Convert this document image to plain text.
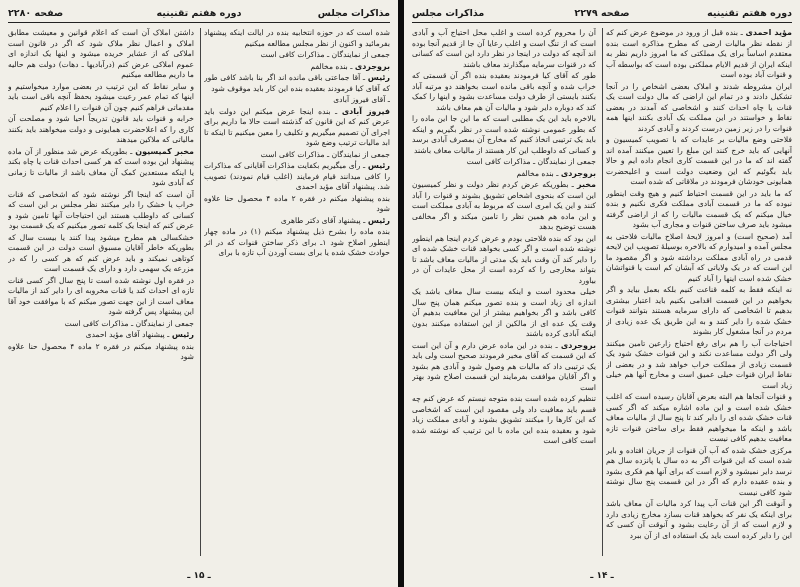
مذاکرات مجلس
دوره هفتم تقنینیه
صفحه ۲۲۸۰

شده است که در حوزه انتخابیه بنده در ایالت اینکه پیشنهاد بفرمائید و اکنون از نظر مجلس مطالعه میکنیم

جمعی از نمایندگان ـ مذاکرات کافی است

بروجردی ـ بنده مخالفم

رئیس ـ آقا جماعتی باقی مانده اند اگر بنا باشد کافی طور که آقای کیا فرمودند بعقیده بنده این کار باید موقوف شود

ـ آقای فیروز آبادی

فیروز آبادی ـ بنده اینجا عرض میکنم این دولت باید عرض کنم که این قانون که گذشته است حالا ما داریم برای اجرای آن تصمیم میگیریم و تکلیف را معین میکنیم تا اینکه تا ابد مالیات ترتیب وضع شود

جمعی از نمایندگان ـ مذاکرات کافی است

رئیس ـ رأی میگیریم بکفایت مذاکرات آقایانی که مذاکرات را کافی میدانند قیام فرمایند (اغلب قیام نمودند) تصویب شد. پیشنهاد آقای مؤید احمدی

بنده پیشنهاد میکنم در فقره ۲ ماده ۴ محصول حنا علاوه شود

رئیس ـ پیشنهاد آقای دکتر طاهری

بنده ماده را بشرح ذیل پیشنهاد میکنم (۱) در ماده چهار اینطور اصلاح شود ۱ـ برای ذکر ساختن قنوات که در اثر حوادث خشک شده یا برای بست آوردن آب تازه با برای

داشتن املاک آن است که اعلام قوانین و معیشت مطابق املاک و اعمال نظر ملاک شود که اگر در قانون است املاکی که از عشایر خریده میشود و اینها یک اندازه ای عموم املاکی عرض کنم (درآبادیها ـ دهات) دولت هم حالیه ما داریم مطالعه میکنیم

و سایر نقاط که این ترتیب در بعضی موارد میخواستیم و اینها که تمام عمر رعیت میشود بحفظ آنچه باقی است باید مقدماتی فراهم کنیم چون آن قنوات را اعلام کنیم

خرابه و قنوات باید قانون تدریجاً احیا شود و مصلحت آن کاری را که اعلاحضرت همایونی و دولت میخواهند باید بکنند مالیاتی که ملاکین میدهند

مخبر کمیسیون ـ بطوریکه عرض شد منظور از آن ماده پیشنهاد این بوده است که هر کسی احداث قنات یا چاه بکند یا اینکه مستعدین کمک آن معاف باشد از مالیات تا زمانی که آبادی شود

آن است که اینجا اگر نوشته شود که اشخاصی که قنات خراب یا خشک را دایر میکنند نظر مجلس بر این است که کسانی که داوطلب هستند این احتیاجات آنها تامین شود و عرض کنم که اینجا یک کلمه تصور میکنیم که یک قسمت بود

خشکسالی هم مطرح میشود پیدا کنند یا بیست سال که بطوریکه خاطر آقایان مسبوق است دولت در این قسمت کوتاهی نمیکند و باید عرض کنم که هر کسی را که در مزرعه یک سهمی دارد و دارای یک قسمت است

در فقره اول نوشته شده است تا پنج سال اگر کسی قنات تازه ای احداث کند یا قنات مخروبه ای را دایر کند از مالیات معاف است از این جهت تصور میکنم که با موافقت خود آقا این پیشنهاد پس گرفته شود

جمعی از نمایندگان ـ مذاکرات کافی است

رئیس ـ پیشنهاد آقای مؤید احمدی

بنده پیشنهاد میکنم در فقره ۲ ماده ۴ محصول حنا علاوه شود

ـ ۱۵ ـ
دوره هفتم تقنینیه
صفحه ۲۲۷۹
مذاکرات مجلس

مؤید احمدی ـ بنده قبل از ورود در موضوع عرض کنم که از نقطه نظر مالیات ارضی که مطرح مذاکره است بنده معتقدم اساساً برای یک مملکتی که ما امروز داریم نظر به اینکه ایران از قدیم الایام مملکتی بوده است که بواسطه آب و قنوات آباد بوده است

ایران مشروطه شدند و املاک بعضی اشخاص را در آنجا تشکیل دادند و در تمام این اراضی که مال دولت است یک قنات یا چاه احداث کنند و اشخاصی که آمدند در بعضی نقاط و خواستند در این مملکت یک آبادی بکنند اینها همه قنوات را در زیر زمین درست کردند و آبادی کردند

فلاحتی وضع مالیات بر عایدات که با تصویب کمیسیون و آنهایی که باید خرج کنند این مبلغ را تعیین میکنند آمده اند گفته اند که ما در این قسمت کاری انجام داده ایم و حالا باید بگوئیم که این وضعیت دولت است و اعلیحضرت همایونی خودشان فرمودند در ملاقاتی که شده است

که ما باید در این قسمت احتیاط کنیم و هیچ وقت اینطور نبوده که ما در قسمت آبادی مملکت فکری نکنیم و بنده خیال میکنم که یک قسمت مالیات را که از اراضی گرفته میشود باید صرف ساختن قنوات و مجاری آب بشود

آمد (صحیح است) و امروز لایحهٔ اصلاح مالیات فلاحتی به مجلس آمده و امیدوارم که بالاخره بوسیلهٔ تصویب این لایحه قدمی در راه آبادی مملکت برداشته شود و اگر مقصود ما این است که در یک ولایاتی که آبشان کم است یا قنواتشان خشک شده است اینها را آباد کنیم

نه اینکه فقط به کلمه قناعت کنیم بلکه بعمل بیاید و اگر بخواهیم در این قسمت اقدامی بکنیم باید اعتبار بیشتری بدهیم تا اشخاصی که دارای سرمایه هستند بتوانند قنوات خشک شده را دایر کنند و به این طریق یک عده زیادی از مردم در آنجا مشغول کار بشوند

احتیاجات آب را هم برای رفع احتیاج زارعین تامین میکنند ولی اگر دولت مساعدت نکند و این قنوات خشک شود یک قسمت زیادی از مملکت خراب خواهد شد و در بعضی از نقاط ایران قنوات خیلی عمیق است و مخارج آنها هم خیلی زیاد است

و قنوات آنجاها هم البته بعرض آقایان رسیده است که اغلب خشک شده است و این ماده اشاره میکند که اگر کسی قنات خشک شده ای را دایر کند تا پنج سال از مالیات معاف باشد و اینکه ما میخواهیم فقط برای ساختن قنوات تازه معافیت بدهیم کافی نیست

مرکزی خشک شده که آب آن قنوات از جریان افتاده و بایر شده است که این قنوات اگر به ده سال یا پانزده سال هم نرسد دایر نمیشود و لازم است که برای آنها هم فکری بشود و بنده عقیده دارم که اگر در این قسمت پنج سال نوشته شود کافی نیست

و آنوقت اگر این قنات آب پیدا کرد مالیات آن معاف باشد برای اینکه یک نفر که بخواهد قنات بسازد مخارج زیادی دارد و لازم است که از آن رعایت بشود و آنوقت آن کسی که این را دایر کرده است باید یک استفاده ای از آن ببرد

آن را محروم کرده است و اغلب محل احتیاج آب و آبادی است که از تنگ است و اغلب رعایا آن جا از قدیم آنجا بوده اند آنچه که دولت در اینجا در نظر دارد این است که کسانی که در قنوات سرمایه میگذارند معاف باشند

طور که آقای کیا فرمودند بعقیده بنده اگر آن قسمتی که خراب شده و آنچه باقی مانده است بخواهند دو مرتبه آباد بکنند بایستی از طرف دولت مساعدت بشود و اینها را کمک کند که دوباره دایر شود و مالیات آن هم معاف باشد

بالاخره باید این یک مطلبی است که ما این جا این ماده را که بطور عمومی نوشته شده است در نظر بگیریم و اینکه باید یک ترتیبی اتخاذ کنیم که مخارج آن بمصرف آبادی برسد و کسانی که داوطلب این کار هستند از مالیات معاف باشند

جمعی از نمایندگان ـ مذاکرات کافی است

بروجردی ـ بنده مخالفم

مخبر ـ بطوریکه عرض کردم نظر دولت و نظر کمیسیون این است که بنحوی اشخاص تشویق بشوند و قنوات را آباد کنند و این یک امری است که مربوط به آبادی مملکت است و این ماده هم همین نظر را تامین میکند و اگر مخالفی هست توضیح بدهد

این بود که بنده فلاحتی بودم و عرض کردم اینجا هم اینطور نوشته شده است و اگر کسی بخواهد قنات خشک شده ای را دایر کند آن وقت باید یک مدتی از مالیات معاف باشد تا بتواند مخارجی را که کرده است از محل عایدات آن در بیاورد

خیلی محدود است و اینکه بیست سال معاف باشد یک اندازه ای زیاد است و بنده تصور میکنم همان پنج سال کافی باشد و اگر بخواهیم بیشتر از این معافیت بدهیم آن وقت یک عده ای از مالکین از این استفاده میکنند بدون اینکه آبادی کرده باشند

بروجردی ـ بنده در این ماده عرض دارم و آن این است که این قسمت که آقای مخبر فرمودند صحیح است ولی باید یک ترتیبی داد که مالیات هم وصول شود و آبادی هم بشود و اگر آقایان موافقت بفرمایند این قسمت اصلاح شود بهتر است

تنظیم کرده شده است بنده متوجه نیستم که عرض کنم چه قسم باید معافیت داد ولی مقصود این است که اشخاصی که این کارها را میکنند تشویق بشوند و آبادی مملکت زیاد شود و بعقیده بنده این ماده با این ترتیب که نوشته شده است کافی است

ـ ۱۴ ـ
